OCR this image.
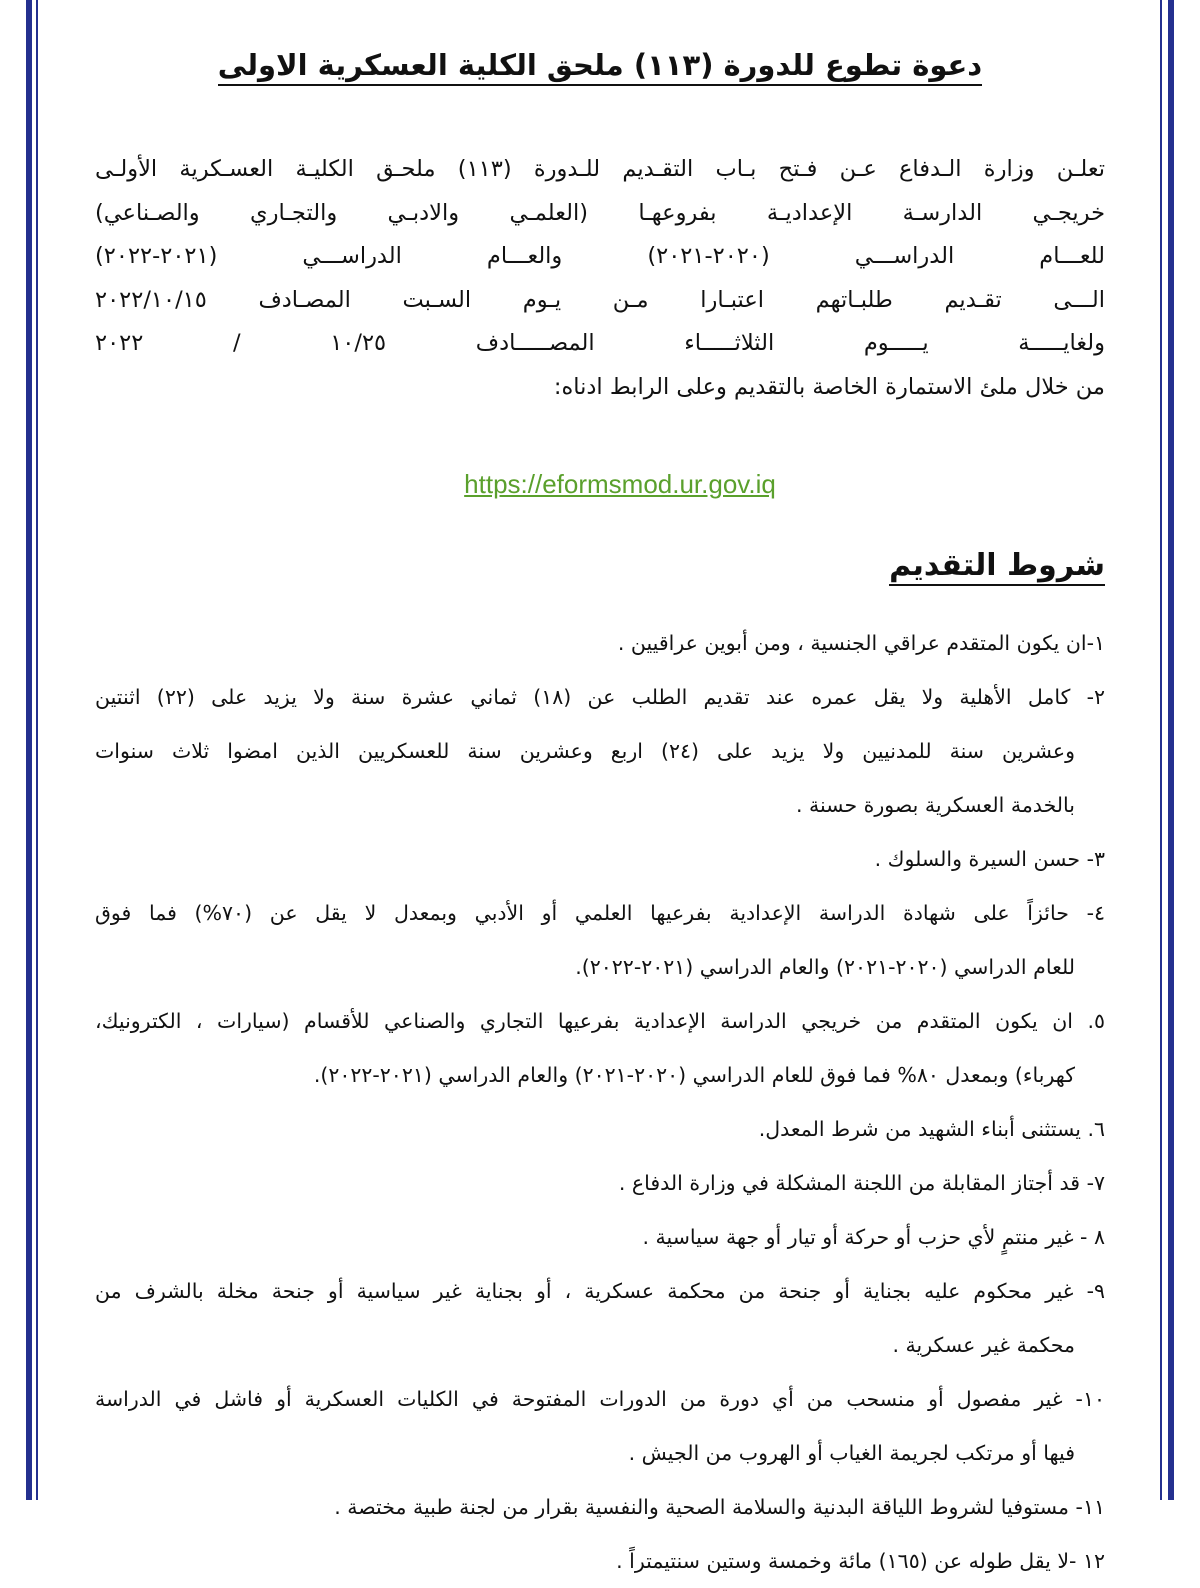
دعوة تطوع للدورة (١١٣) ملحق الكلية العسكرية الاولى
تعلـن وزارة الـدفاع عـن فـتح بـاب التقـديم للـدورة (١١٣) ملحـق الكليـة العسـكرية الأولـى
خريجـي الدارسـة الإعداديـة بفروعهـا (العلمـي والادبـي والتجـاري والصـناعي)
للعـــام الدراســـي (٢٠٢٠-٢٠٢١) والعـــام الدراســـي (٢٠٢١-٢٠٢٢)
الـــى تقـديم طلبـاتهم اعتبـارا مـن يـوم السـبت المصـادف ٢٠٢٢/١٠/١٥
ولغايـــــة يـــــوم الثلاثـــــاء المصـــــادف ١٠/٢٥ / ٢٠٢٢
من خلال ملئ الاستمارة الخاصة بالتقديم وعلى الرابط ادناه:
https://eformsmod.ur.gov.iq
شروط التقديم
١-ان يكون المتقدم عراقي الجنسية ، ومن أبوين عراقيين .
٢- كامل الأهلية ولا يقل عمره عند تقديم الطلب عن (١٨) ثماني عشرة سنة ولا يزيد على (٢٢) اثنتين
وعشرين سنة للمدنيين ولا يزيد على (٢٤) اربع وعشرين سنة للعسكريين الذين امضوا ثلاث سنوات
بالخدمة العسكرية بصورة حسنة .
٣- حسن السيرة والسلوك .
٤- حائزاً على شهادة الدراسة الإعدادية بفرعيها العلمي أو الأدبي وبمعدل لا يقل عن (٧٠%) فما فوق
للعام الدراسي (٢٠٢٠-٢٠٢١) والعام الدراسي (٢٠٢١-٢٠٢٢).
٥. ان يكون المتقدم من خريجي الدراسة الإعدادية بفرعيها التجاري والصناعي للأقسام (سيارات ، الكترونيك،
كهرباء) وبمعدل ٨٠% فما فوق للعام الدراسي (٢٠٢٠-٢٠٢١) والعام الدراسي (٢٠٢١-٢٠٢٢).
٦. يستثنى أبناء الشهيد من شرط المعدل.
٧- قد أجتاز المقابلة من اللجنة المشكلة في وزارة الدفاع .
٨ - غير منتمٍ لأي حزب أو حركة أو تيار أو جهة سياسية .
٩- غير محكوم عليه بجناية أو جنحة من محكمة عسكرية ، أو بجناية غير سياسية أو جنحة مخلة بالشرف من
محكمة غير عسكرية .
١٠- غير مفصول أو منسحب من أي دورة من الدورات المفتوحة في الكليات العسكرية أو فاشل في الدراسة
فيها أو مرتكب لجريمة الغياب أو الهروب من الجيش .
١١- مستوفيا لشروط اللياقة البدنية والسلامة الصحية والنفسية بقرار من لجنة طبية مختصة .
١٢ -لا يقل طوله عن (١٦٥) مائة وخمسة وستين سنتيمتراً .
